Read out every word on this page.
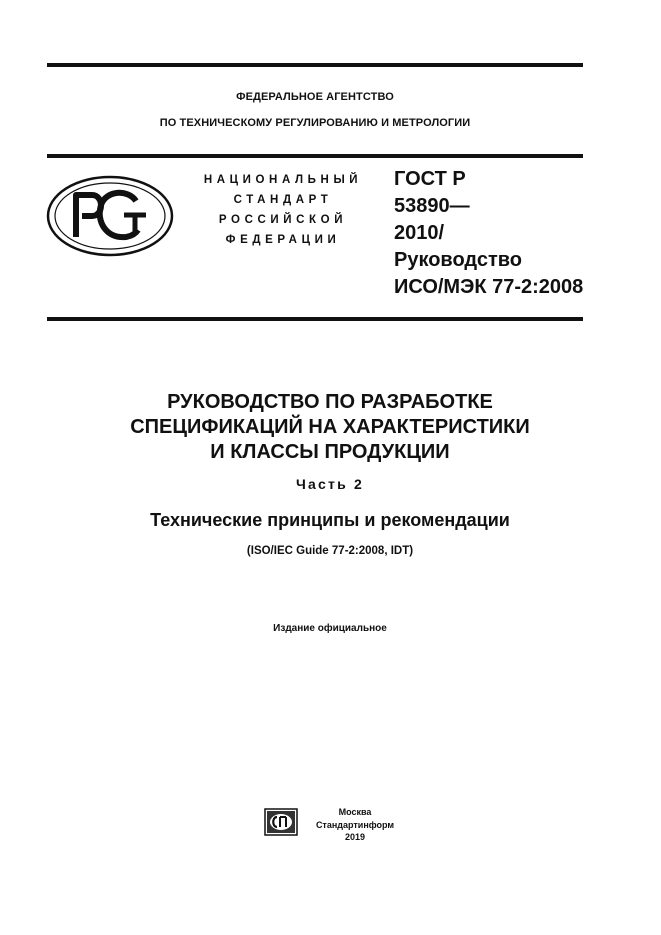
ФЕДЕРАЛЬНОЕ АГЕНТСТВО
ПО ТЕХНИЧЕСКОМУ РЕГУЛИРОВАНИЮ И МЕТРОЛОГИИ
НАЦИОНАЛЬНЫЙ
СТАНДАРТ
РОССИЙСКОЙ
ФЕДЕРАЦИИ
ГОСТ Р
53890—
2010/
Руководство
ИСО/МЭК 77-2:2008
РУКОВОДСТВО ПО РАЗРАБОТКЕ
СПЕЦИФИКАЦИЙ НА ХАРАКТЕРИСТИКИ
И КЛАССЫ ПРОДУКЦИИ
Часть 2
Технические принципы и рекомендации
(ISO/IEC Guide 77-2:2008, IDT)
Издание официальное
Москва
Стандартинформ
2019
